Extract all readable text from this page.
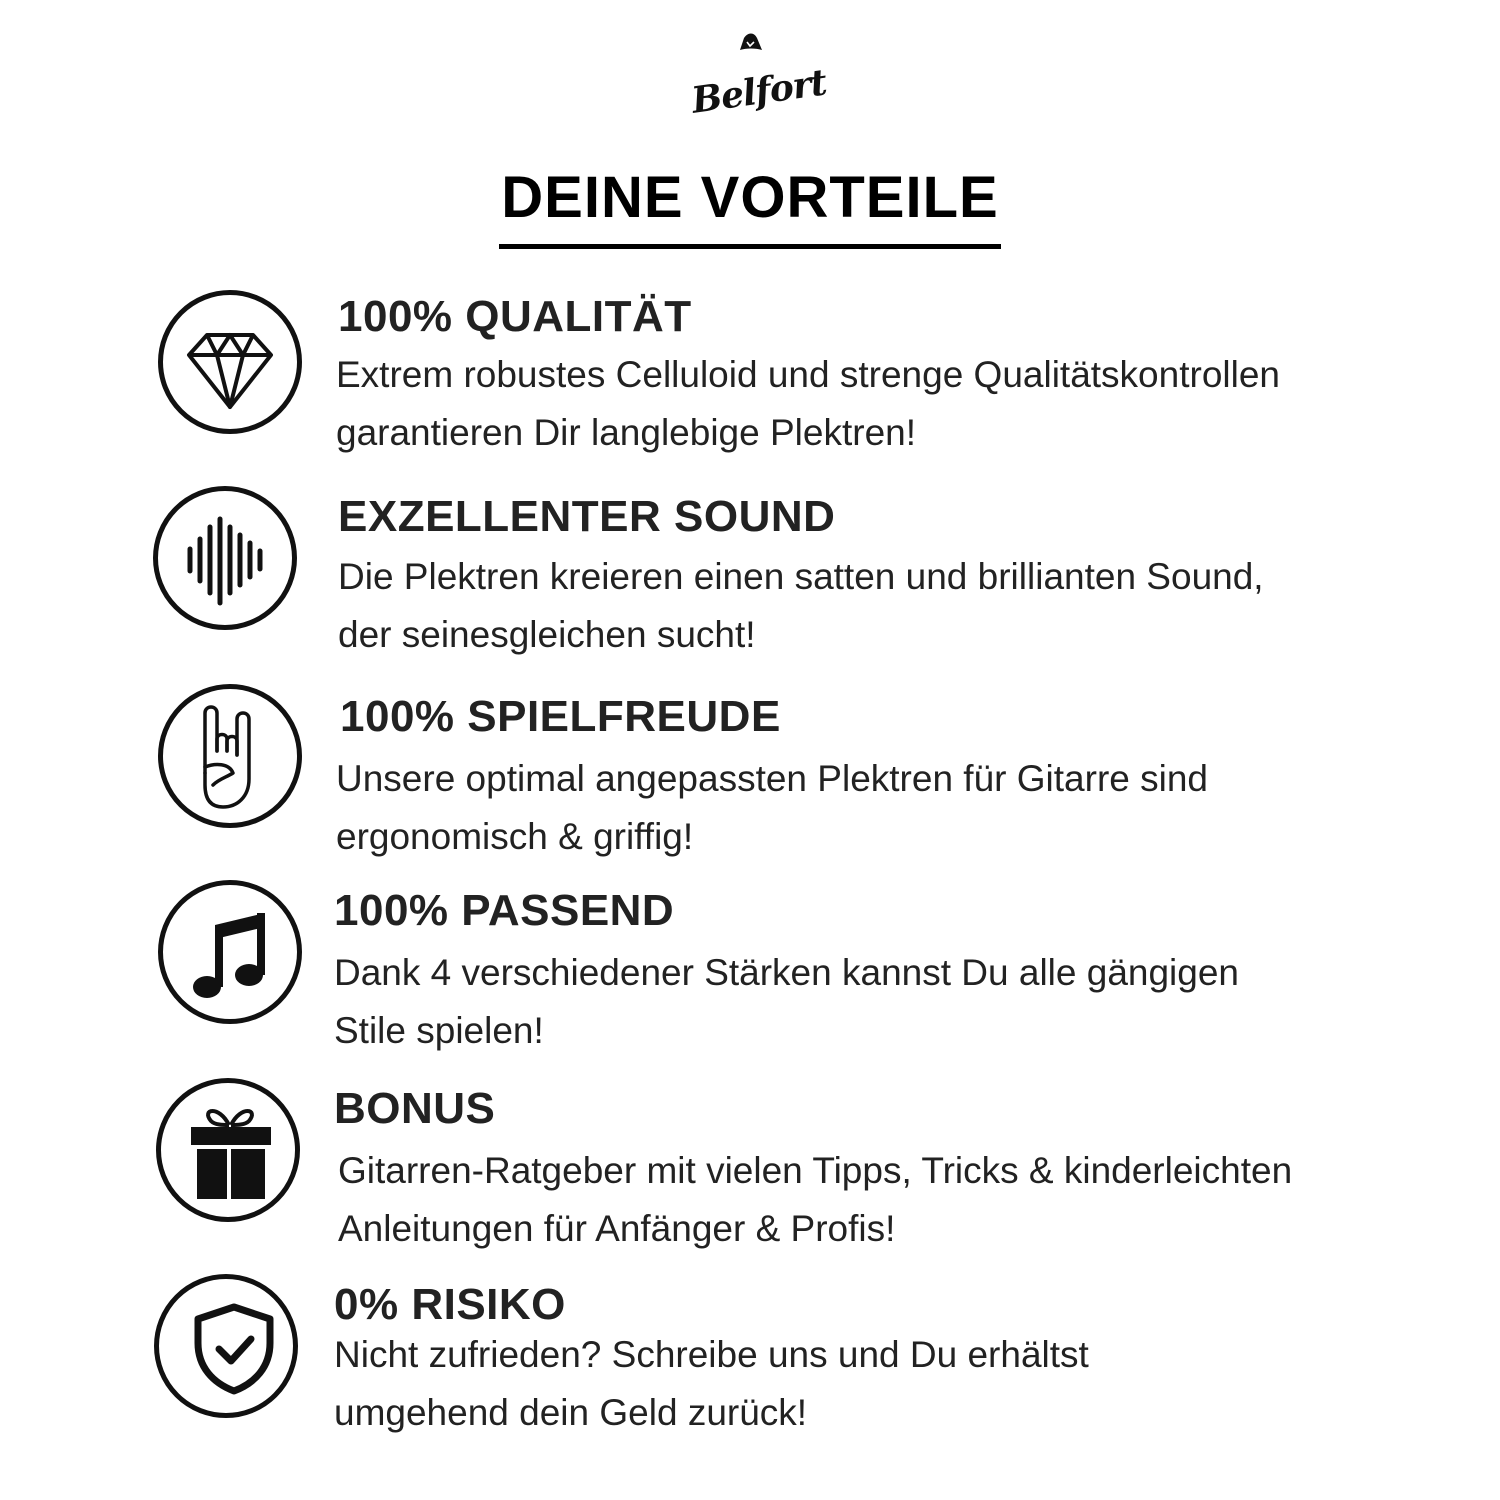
Belfort
DEINE VORTEILE
100% QUALITÄT
Extrem robustes Celluloid und strenge Qualitätskontrollen
garantieren Dir langlebige Plektren!
EXZELLENTER SOUND
Die Plektren kreieren einen satten und brillianten Sound,
der seinesgleichen sucht!
100% SPIELFREUDE
Unsere optimal angepassten Plektren für Gitarre sind
ergonomisch & griffig!
100% PASSEND
Dank 4 verschiedener Stärken kannst Du alle gängigen
Stile spielen!
BONUS
Gitarren-Ratgeber mit vielen Tipps, Tricks & kinderleichten
Anleitungen für Anfänger & Profis!
0% RISIKO
Nicht zufrieden? Schreibe uns und Du erhältst
umgehend dein Geld zurück!
